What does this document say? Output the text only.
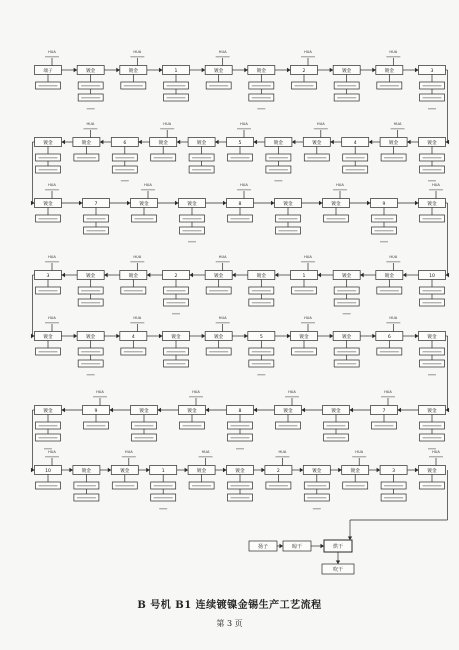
端子
HUA
镀金	镀金
HUA
1	镀金
HUA
镀金	2
HUA
镀金	镀金
HUA
3
镀金
镀金
HUA
4
镀金
HUA
镀金
5
HUA
镀金
镀金
HUA
6
镀金
HUA
镀金
镀金
HUA
7	镀金
HUA
镀金	8
HUA
镀金	镀金
HUA
9	镀金
HUA
10
镀金
HUA
镀金
1
HUA
镀金
镀金
HUA
2
镀金
HUA
镀金
3
HUA
镀金
HUA
镀金	4
HUA
镀金	镀金
HUA
5	镀金
HUA
镀金	6
HUA
镀金
镀金
7
HUA
镀金
镀金
HUA
8
镀金
HUA
镀金
9
HUA
镀金
10
HUA
镀金	镀金
HUA
1	镀金
HUA
镀金	2
HUA
镀金	镀金
HUA
3	镀金
HUA
扬子	晾干	烘干
吹干
B 号机 B1 连续镀镍金锡生产工艺流程
第 3 页
